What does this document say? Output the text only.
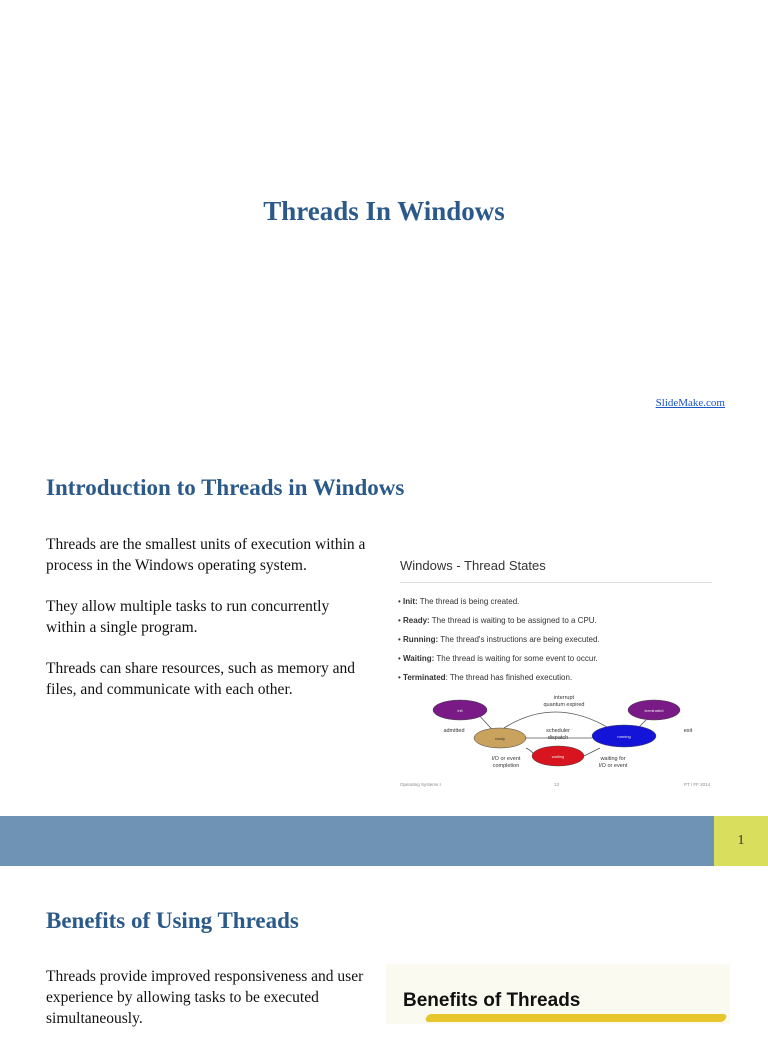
Threads In Windows
SlideMake.com
Introduction to Threads in Windows

Threads are the smallest units of execution within a process in the Windows operating system.

They allow multiple tasks to run concurrently within a single program.

Threads can share resources, such as memory and files, and communicate with each other.

Windows - Thread States
• Init: The thread is being created.
• Ready: The thread is waiting to be assigned to a CPU.
• Running: The thread's instructions are being executed.
• Waiting: The thread is waiting for some event to occur.
• Terminated: The thread has finished execution.
init
ready	running
waiting
terminated
admitted
interrupt
quantum expired
scheduler
dispatch
exit
I/O or event
completion
waiting for
I/O or event
Operating Systems I	13	PT / FF 2014
1
Benefits of Using Threads

Threads provide improved responsiveness and user experience by allowing tasks to be executed simultaneously.

Benefits of Threads
